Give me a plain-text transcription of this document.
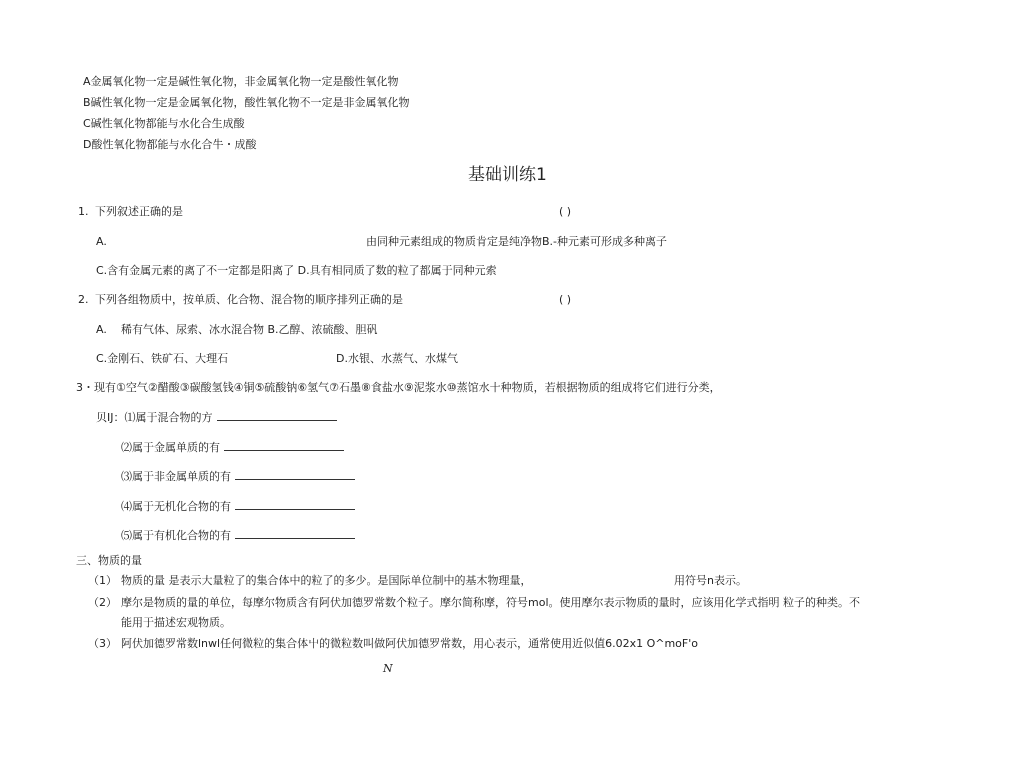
A金属氧化物一定是碱性氧化物，非金属氧化物一定是酸性氧化物
B碱性氧化物一定是金属氧化物，酸性氧化物不一定是非金属氧化物
C碱性氧化物都能与水化合生成酸
D酸性氧化物都能与水化合牛・成酸
基础训练1
1. 下列叙述正确的是	( )
A.	由同种元素组成的物质肯定是纯净物B.-种元素可形成多种离子
C.含有金属元素的离了不一定都是阳离了 D.具有相同质了数的粒了都属于同种元索
2. 下列各组物质中，按单质、化合物、混合物的顺序排列正确的是	( )
A. 稀有气体、尿索、冰水混合物 B.乙醇、浓硫酸、胆矾
C.金刚石、铁矿石、大理石	D.水银、水蒸气、水煤气
3・现有①空气②醋酸③碳酸氢钱④铜⑤硫酸钠⑥氢气⑦石墨⑧食盐水⑨泥浆水⑩蒸馆水十种物质，若根据物质的组成将它们进行分类，
贝IJ：⑴属于混合物的方
⑵属于金属单质的有
⑶属于非金属单质的有
⑷属于无机化合物的有
⑸属于有机化合物的有
三、物质的量
（1） 物质的量 是表示大量粒了的集合体中的粒了的多少。是国际单位制中的基木物理量，	用符号n表示。
（2） 摩尔是物质的量的单位，每摩尔物质含有阿伏加德罗常数个粒子。摩尔简称摩，符号mol。使用摩尔表示物质的量时，应该用化学式指明 粒子的种类。不
能用于描述宏观物质。
（3） 阿伏加德罗常数lnwl任何微粒的集合体屮的微粒数叫做阿伏加德罗常数，用心表示，通常使用近似值6.02x1 O^moF'o
N
